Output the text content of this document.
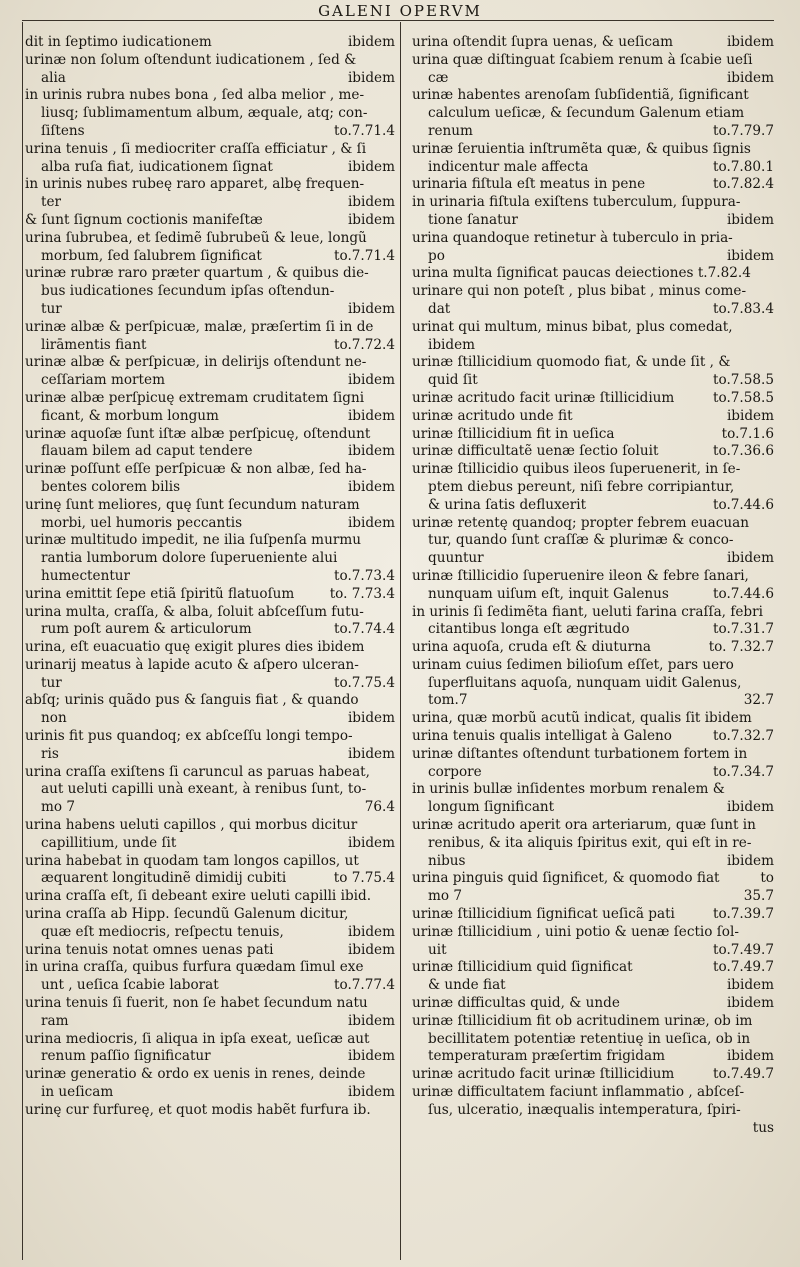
GALENI OPERVM
dit in ſeptimo iudicationem	ibidem
urinæ non ſolum oſtendunt iudicationem , ſed &
alia	ibidem
in urinis rubra nubes bona , ſed alba melior , me-
liusq; ſublimamentum album, æquale, atq; con-
ſiſtens	to.7.71.4
urina tenuis , ſi mediocriter craſſa efficiatur , & ſi
alba ruſa fiat, iudicationem ſignat	ibidem
in urinis nubes rubeę raro apparet, albę frequen-
ter	ibidem
& ſunt ſignum coctionis manifeſtæ	ibidem
urina ſubrubea, et ſedimẽ ſubrubeũ & leue, longũ
morbum, ſed ſalubrem ſignificat	to.7.71.4
urinæ rubræ raro præter quartum , & quibus die-
bus iudicationes ſecundum ipſas oſtendun-
tur	ibidem
urinæ albæ & perſpicuæ, malæ, præſertim ſi in de
lirāmentis fiant	to.7.72.4
urinæ albæ & perſpicuæ, in delirijs oſtendunt ne-
ceſſariam mortem	ibidem
urinæ albæ perſpicuę extremam cruditatem ſigni
ficant, & morbum longum	ibidem
urinæ aquoſæ ſunt iſtæ albæ perſpicuę, oſtendunt
flauam bilem ad caput tendere	ibidem
urinæ poſſunt eſſe perſpicuæ & non albæ, ſed ha-
bentes colorem bilis	ibidem
urinę ſunt meliores, quę ſunt ſecundum naturam
morbi, uel humoris peccantis	ibidem
urinæ multitudo impedit, ne ilia ſuſpenſa murmu
rantia lumborum dolore ſuperueniente alui
humectentur	to.7.73.4
urina emittit ſepe etiã ſpiritũ flatuoſum	to. 7.73.4
urina multa, craſſa, & alba, ſoluit abſceſſum futu-
rum poſt aurem & articulorum	to.7.74.4
urina, eſt euacuatio quę exigit plures dies ibidem
urinarij meatus à lapide acuto & aſpero ulceran-
tur	to.7.75.4
abſq; urinis quãdo pus & ſanguis fiat , & quando
non	ibidem
urinis fit pus quandoq; ex abſceſſu longi tempo-
ris	ibidem
urina craſſa exiſtens ſi caruncul as paruas habeat,
aut ueluti capilli unà exeant, à renibus ſunt, to-
mo 7	76.4
urina habens ueluti capillos , qui morbus dicitur
capillitium, unde ſit	ibidem
urina habebat in quodam tam longos capillos, ut
æquarent longitudinẽ dimidij cubiti	to 7.75.4
urina craſſa eſt, ſi debeant exire ueluti capilli ibid.
urina craſſa ab Hipp. ſecundũ Galenum dicitur,
quæ eſt mediocris, reſpectu tenuis,	ibidem
urina tenuis notat omnes uenas pati	ibidem
in urina craſſa, quibus furfura quædam ſimul exe
unt , ueſica ſcabie laborat	to.7.77.4
urina tenuis ſi fuerit, non ſe habet ſecundum natu
ram	ibidem
urina mediocris, ſi aliqua in ipſa exeat, ueſicæ aut
renum paſſio ſignificatur	ibidem
urinæ generatio & ordo ex uenis in renes, deinde
in ueſicam	ibidem
urinę cur furfureę, et quot modis habẽt furfura ib.
urina oſtendit ſupra uenas, & ueſicam	ibidem
urina quæ diſtinguat ſcabiem renum à ſcabie ueſi
cæ	ibidem
urinæ habentes arenoſam ſubſidentiã, ſignificant
calculum ueſicæ, & ſecundum Galenum etiam
renum	to.7.79.7
urinæ ſeruientia inſtrumẽta quæ, & quibus ſignis
indicentur male affecta	to.7.80.1
urinaria fiſtula eſt meatus in pene	to.7.82.4
in urinaria fiſtula exiſtens tuberculum, ſuppura-
tione ſanatur	ibidem
urina quandoque retinetur à tuberculo in pria-
po	ibidem
urina multa ſignificat paucas deiectiones t.7.82.4
urinare qui non poteſt , plus bibat , minus come-
dat	to.7.83.4
urinat qui multum, minus bibat, plus comedat,
ibidem
urinæ ſtillicidium quomodo fiat, & unde ſit , &
quid ſit	to.7.58.5
urinæ acritudo facit urinæ ſtillicidium	to.7.58.5
urinæ acritudo unde fit	ibidem
urinæ ſtillicidium fit in ueſica	to.7.1.6
urinæ difficultatẽ uenæ ſectio ſoluit	to.7.36.6
urinæ ſtillicidio quibus ileos ſuperuenerit, in ſe-
ptem diebus pereunt, niſi febre corripiantur,
& urina ſatis defluxerit	to.7.44.6
urinæ retentę quandoq; propter febrem euacuan
tur, quando ſunt craſſæ & plurimæ & conco-
quuntur	ibidem
urinæ ſtillicidio ſuperuenire ileon & febre ſanari,
nunquam uiſum eſt, inquit Galenus	to.7.44.6
in urinis ſi ſedimẽta fiant, ueluti farina craſſa, febri
citantibus longa eſt ægritudo	to.7.31.7
urina aquoſa, cruda eſt & diuturna	to. 7.32.7
urinam cuius ſedimen bilioſum eſſet, pars uero
ſuperfluitans aquoſa, nunquam uidit Galenus,
tom.7	32.7
urina, quæ morbũ acutũ indicat, qualis ſit ibidem
urina tenuis qualis intelligat à Galeno	to.7.32.7
urinæ diſtantes oſtendunt turbationem fortem in
corpore	to.7.34.7
in urinis bullæ inſidentes morbum renalem &
longum ſignificant	ibidem
urinæ acritudo aperit ora arteriarum, quæ ſunt in
renibus, & ita aliquis ſpiritus exit, qui eſt in re-
nibus	ibidem
urina pinguis quid ſignificet, & quomodo fiat	to
mo 7	35.7
urinæ ſtillicidium ſignificat ueſicã pati	to.7.39.7
urinæ ſtillicidium , uini potio & uenæ ſectio ſol-
uit	to.7.49.7
urinæ ſtillicidium quid ſignificat	to.7.49.7
& unde fiat	ibidem
urinæ difficultas quid, & unde	ibidem
urinæ ſtillicidium fit ob acritudinem urinæ, ob im
becillitatem potentiæ retentiuę in ueſica, ob in
temperaturam præſertim frigidam	ibidem
urinæ acritudo facit urinæ ſtillicidium	to.7.49.7
urinæ difficultatem faciunt inflammatio , abſceſ-
ſus, ulceratio, inæqualis intemperatura, ſpiri-
tus
